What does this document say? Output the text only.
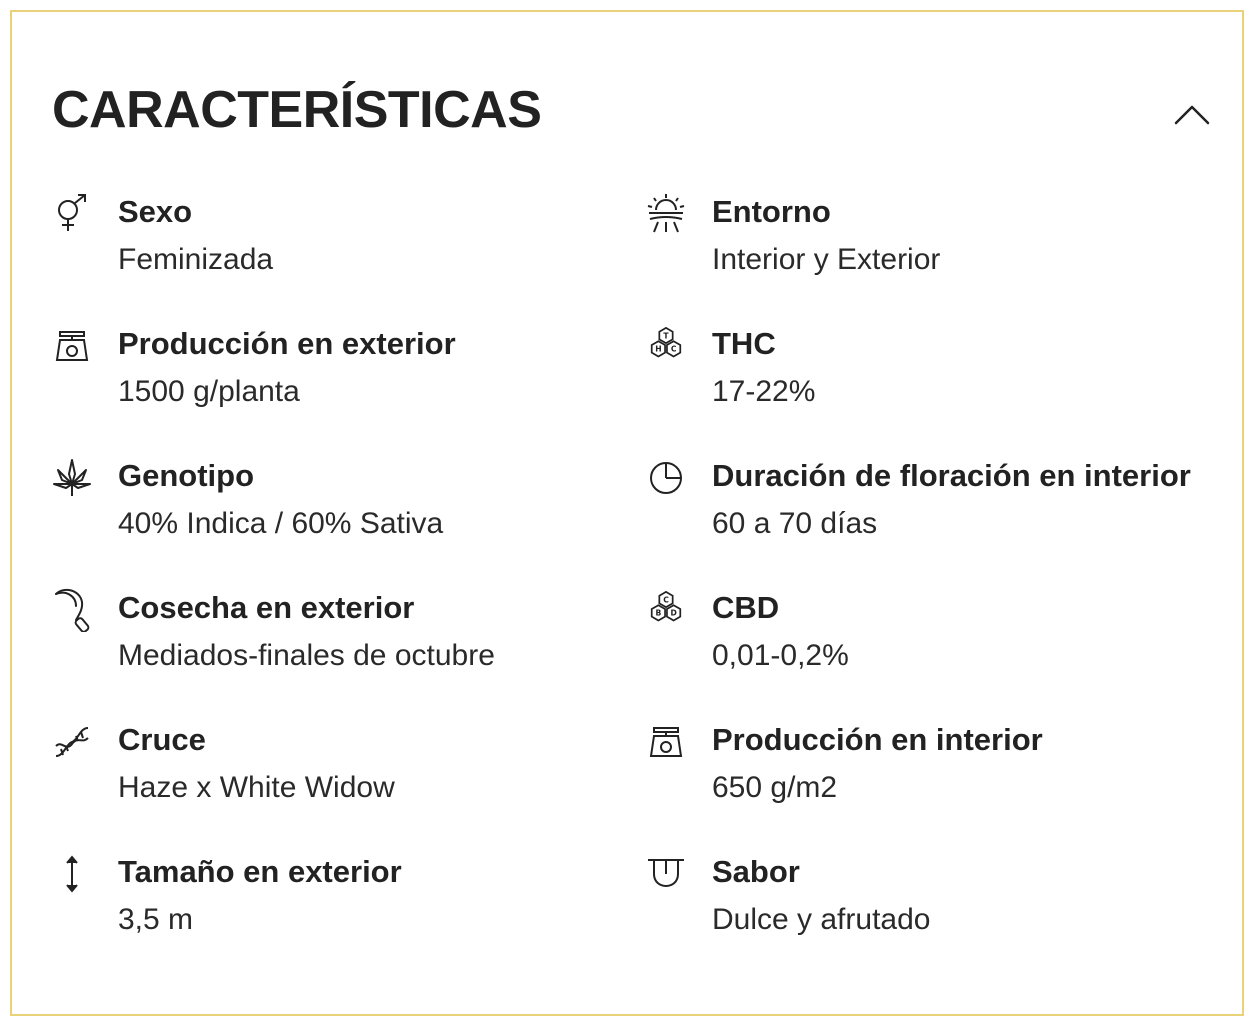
CARACTERÍSTICAS
Sexo
Feminizada
Producción en exterior
1500 g/planta
Genotipo
40% Indica / 60% Sativa
Cosecha en exterior
Mediados-finales de octubre
Cruce
Haze x White Widow
Tamaño en exterior
3,5 m
Entorno
Interior y Exterior
T
H C THC
17-22%
Duración de floración en interior
60 a 70 días
C
B D CBD
0,01-0,2%
Producción en interior
650 g/m2
Sabor
Dulce y afrutado
